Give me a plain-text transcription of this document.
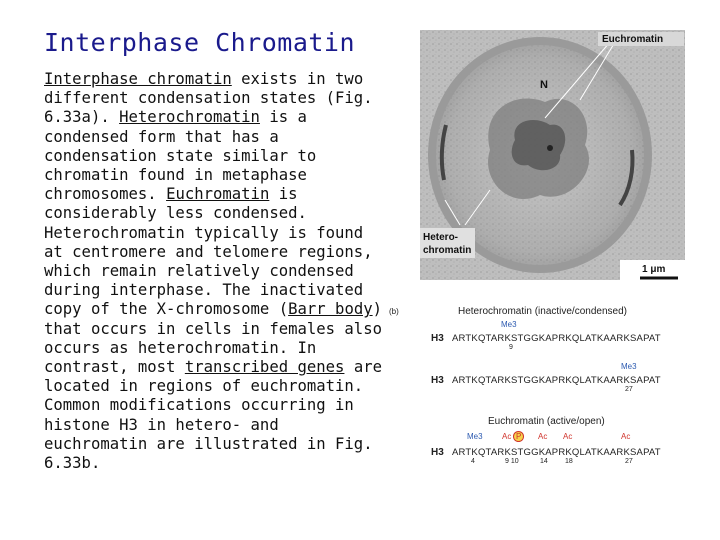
Interphase Chromatin
Interphase chromatin exists in two different condensation states (Fig. 6.33a). Heterochromatin is a condensed form that has a condensation state similar to chromatin found in metaphase chromosomes. Euchromatin is considerably less condensed. Heterochromatin typically is found at centromere and telomere regions, which remain relatively condensed during interphase. The inactivated copy of the X-chromosome (Barr body) that occurs in cells in females also occurs as heterochromatin. In contrast, most transcribed genes are located in regions of euchromatin. Common modifications occurring in histone H3 in hetero- and euchromatin are illustrated in Fig. 6.33b.
Euchromatin
N
Hetero-
chromatin
1 μm
(b)	Heterochromatin (inactive/condensed)
Me3
H3 ARTKQTARKSTGGKAPRKQLATKAARKSAPAT
9
Me3
H3 ARTKQTARKSTGGKAPRKQLATKAARKSAPAT
27
Euchromatin (active/open)
Me3 Ac P	Ac Ac	Ac
H3 ARTKQTARKSTGGKAPRKQLATKAARKSAPAT
4	9 10	14 18	27
